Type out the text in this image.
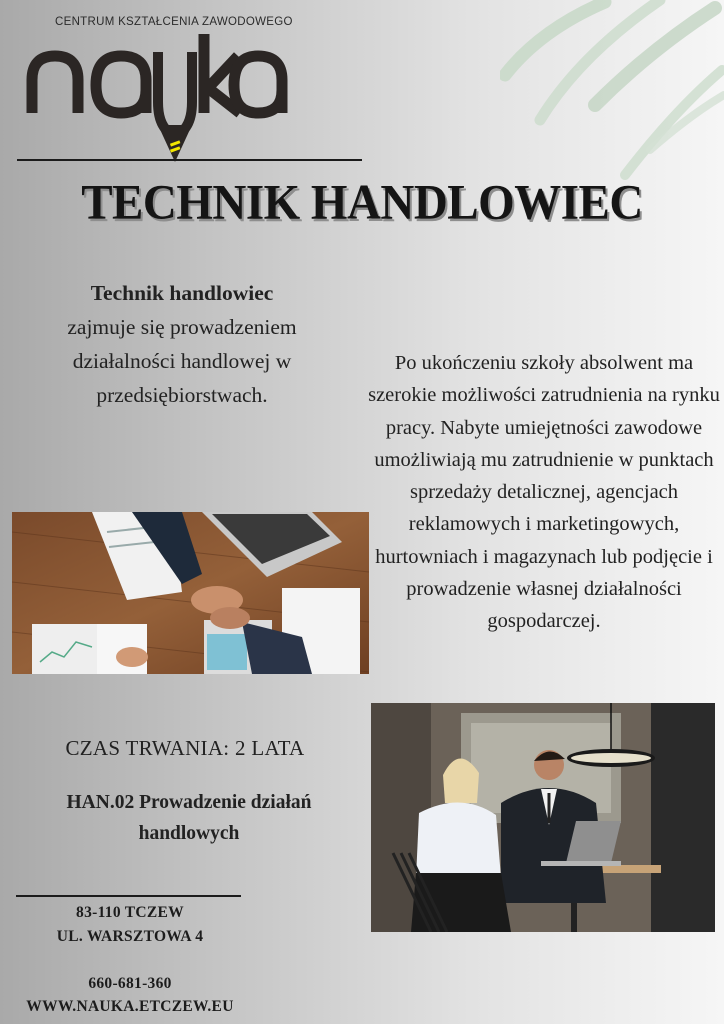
CENTRUM KSZTAŁCENIA ZAWODOWEGO
TECHNIK HANDLOWIEC
Technik handlowiec zajmuje się prowadzeniem działalności handlowej w przedsiębiorstwach.
Po ukończeniu szkoły absolwent ma szerokie możliwości zatrudnienia na rynku pracy. Nabyte umiejętności zawodowe umożliwiają mu zatrudnienie w punktach sprzedaży detalicznej, agencjach reklamowych i marketingowych, hurtowniach i magazynach lub podjęcie i prowadzenie własnej działalności gospodarczej.
CZAS TRWANIA: 2 LATA
HAN.02 Prowadzenie działań handlowych
83-110 TCZEW
UL. WARSZTOWA 4
660-681-360
WWW.NAUKA.ETCZEW.EU
